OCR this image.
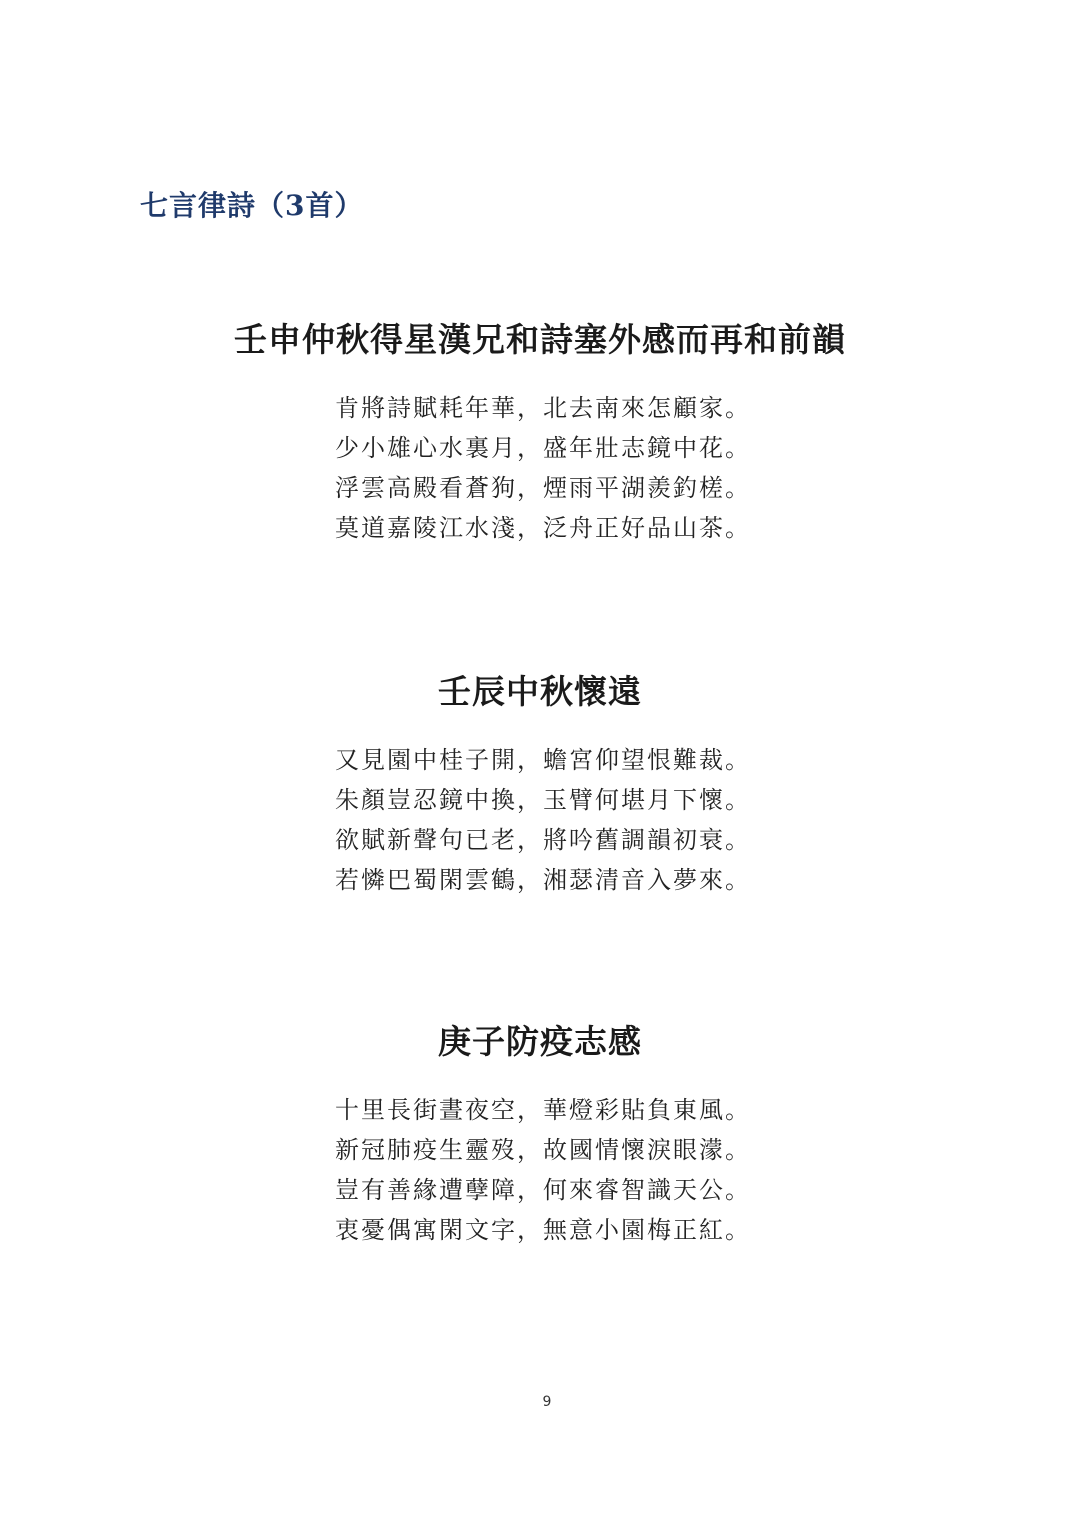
七言律詩（3首）
壬申仲秋得星漢兄和詩塞外感而再和前韻
肯將詩賦耗年華，北去南來怎顧家。
少小雄心水裏月，盛年壯志鏡中花。
浮雲高殿看蒼狗，煙雨平湖羨釣槎。
莫道嘉陵江水淺，泛舟正好品山茶。
壬辰中秋懷遠
又見園中桂子開，蟾宮仰望恨難裁。
朱顏豈忍鏡中換，玉臂何堪月下懷。
欲賦新聲句已老，將吟舊調韻初衰。
若憐巴蜀閑雲鶴，湘瑟清音入夢來。
庚子防疫志感
十里長街晝夜空，華燈彩貼負東風。
新冠肺疫生靈歿，故國情懷淚眼濛。
豈有善緣遭孽障，何來睿智識天公。
衷憂偶寓閑文字，無意小園梅正紅。
9
